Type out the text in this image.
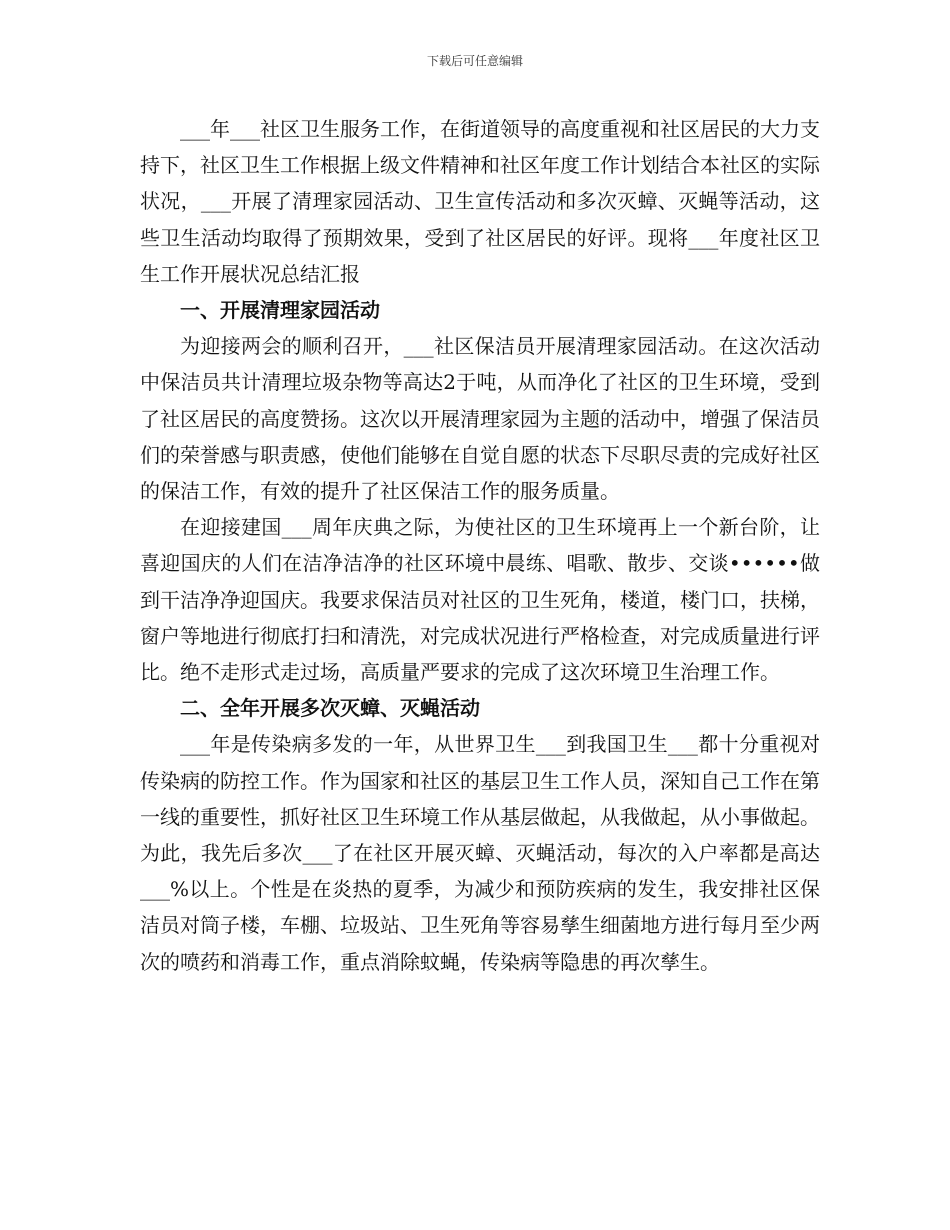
下载后可任意编辑

___年___社区卫生服务工作，在街道领导的高度重视和社区居民的大力支持下，社区卫生工作根据上级文件精神和社区年度工作计划结合本社区的实际状况，___开展了清理家园活动、卫生宣传活动和多次灭蟑、灭蝇等活动，这些卫生活动均取得了预期效果，受到了社区居民的好评。现将___年度社区卫生工作开展状况总结汇报

一、开展清理家园活动

为迎接两会的顺利召开，___社区保洁员开展清理家园活动。在这次活动中保洁员共计清理垃圾杂物等高达2于吨，从而净化了社区的卫生环境，受到了社区居民的高度赞扬。这次以开展清理家园为主题的活动中，增强了保洁员们的荣誉感与职责感，使他们能够在自觉自愿的状态下尽职尽责的完成好社区的保洁工作，有效的提升了社区保洁工作的服务质量。

在迎接建国___周年庆典之际，为使社区的卫生环境再上一个新台阶，让喜迎国庆的人们在洁净洁净的社区环境中晨练、唱歌、散步、交谈••••••做到干洁净净迎国庆。我要求保洁员对社区的卫生死角，楼道，楼门口，扶梯，窗户等地进行彻底打扫和清洗，对完成状况进行严格检查，对完成质量进行评比。绝不走形式走过场，高质量严要求的完成了这次环境卫生治理工作。

二、全年开展多次灭蟑、灭蝇活动

___年是传染病多发的一年，从世界卫生___到我国卫生___都十分重视对传染病的防控工作。作为国家和社区的基层卫生工作人员，深知自己工作在第一线的重要性，抓好社区卫生环境工作从基层做起，从我做起，从小事做起。为此，我先后多次___了在社区开展灭蟑、灭蝇活动，每次的入户率都是高达___%以上。个性是在炎热的夏季，为减少和预防疾病的发生，我安排社区保洁员对筒子楼，车棚、垃圾站、卫生死角等容易孳生细菌地方进行每月至少两次的喷药和消毒工作，重点消除蚊蝇，传染病等隐患的再次孳生。
